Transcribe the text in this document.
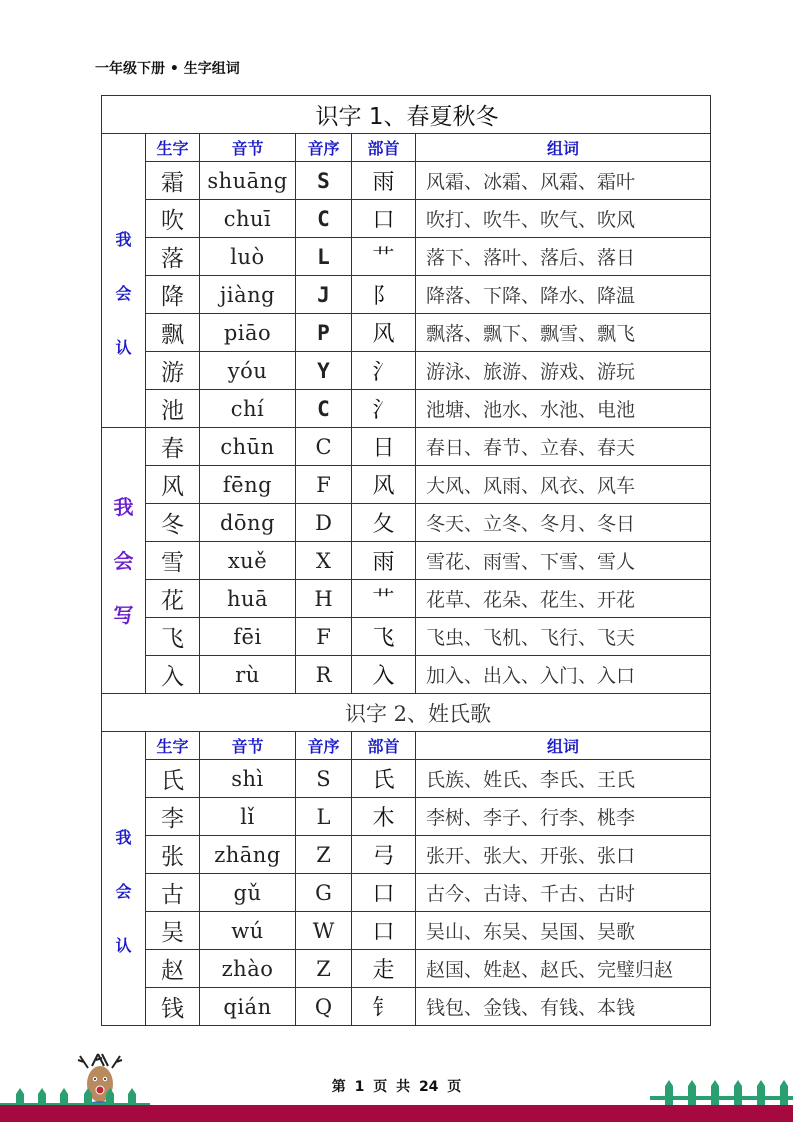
一年级下册 • 生字组词
识字 1、春夏秋冬					

我
会
认	生字	音节	音序	部首	组词
	霜	shuāng	S	雨	风霜、冰霜、风霜、霜叶
	吹	chuī	C	口	吹打、吹牛、吹气、吹风
	落	luò	L	艹	落下、落叶、落后、落日
	降	jiàng	J	阝	降落、下降、降水、降温
	飘	piāo	P	风	飘落、飘下、飘雪、飘飞
	游	yóu	Y	氵	游泳、旅游、游戏、游玩
	池	chí	C	氵	池塘、池水、水池、电池

我
会
写	春	chūn	C	日	春日、春节、立春、春天
	风	fēng	F	风	大风、风雨、风衣、风车
	冬	dōng	D	夂	冬天、立冬、冬月、冬日
	雪	xuě	X	雨	雪花、雨雪、下雪、雪人
	花	huā	H	艹	花草、花朵、花生、开花
	飞	fēi	F	飞	飞虫、飞机、飞行、飞天
	入	rù	R	入	加入、出入、入门、入口
识字 2、姓氏歌					

我
会
认	生字	音节	音序	部首	组词
	氏	shì	S	氏	氏族、姓氏、李氏、王氏
	李	lǐ	L	木	李树、李子、行李、桃李
	张	zhāng	Z	弓	张开、张大、开张、张口
	古	gǔ	G	口	古今、古诗、千古、古时
	吴	wú	W	口	吴山、东吴、吴国、吴歌
	赵	zhào	Z	走	赵国、姓赵、赵氏、完璧归赵
	钱	qián	Q	钅	钱包、金钱、有钱、本钱
第 1 页 共 24 页
